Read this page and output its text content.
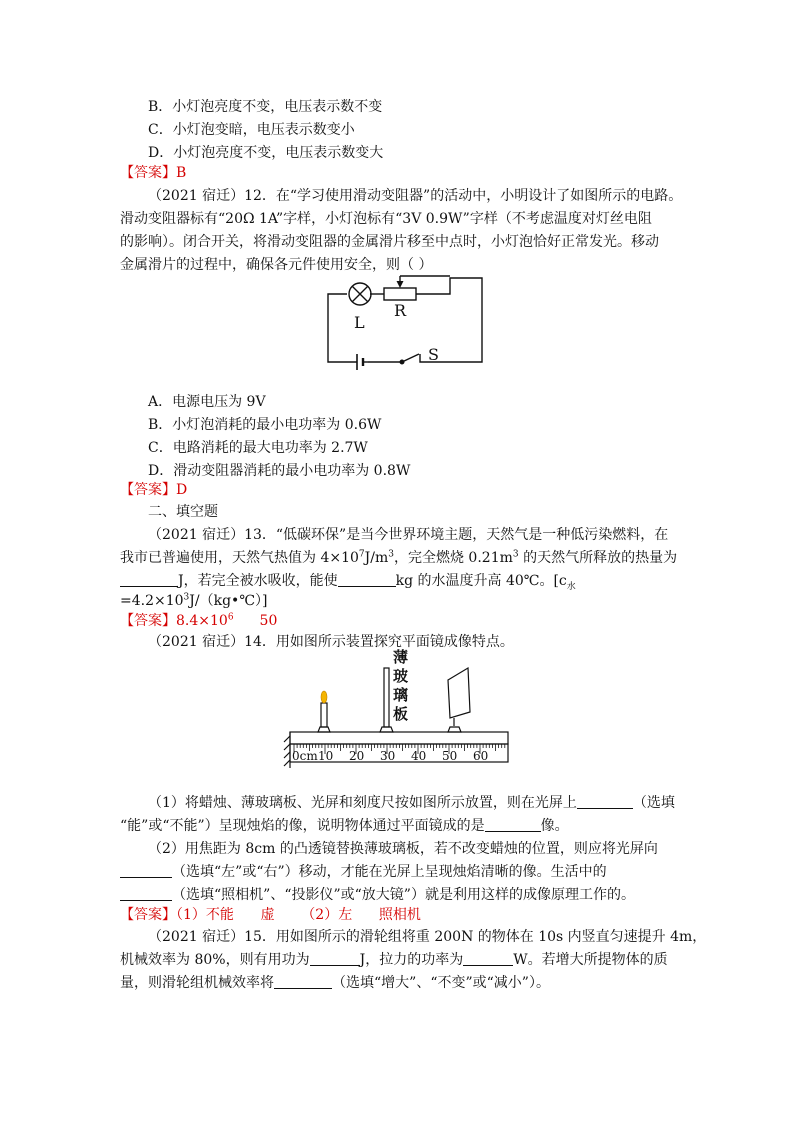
B．小灯泡亮度不变，电压表示数不变
C．小灯泡变暗，电压表示数变小
D．小灯泡亮度不变，电压表示数变大
【答案】B
（2021 宿迁）12．在“学习使用滑动变阻器”的活动中，小明设计了如图所示的电路。
滑动变阻器标有“20Ω 1A”字样，小灯泡标有“3V 0.9W”字样（不考虑温度对灯丝电阻
的影响）。闭合开关，将滑动变阻器的金属滑片移至中点时，小灯泡恰好正常发光。移动
金属滑片的过程中，确保各元件使用安全，则（ ）
L
R
S
A．电源电压为 9V
B．小灯泡消耗的最小电功率为 0.6W
C．电路消耗的最大电功率为 2.7W
D．滑动变阻器消耗的最小电功率为 0.8W
【答案】D
二、填空题
（2021 宿迁）13．“低碳环保”是当今世界环境主题，天然气是一种低污染燃料，在
我市已普遍使用，天然气热值为 $4\times 10^7J/m^3$，完全燃烧 $0.21m^3$ 的天然气所释放的热量为
J，若完全被水吸收，能使	kg 的水温度升高 40℃。[$c_水$
$=4.2\times 10^3J/(kg•℃)$]
【答案】$8.4\times 10^6$ 50
（2021 宿迁）14．用如图所示装置探究平面镜成像特点。
0cm 10 20 30 40 50 60
薄
玻
璃
板
（1）将蜡烛、薄玻璃板、光屏和刻度尺按如图所示放置，则在光屏上	（选填
“能”或“不能”）呈现烛焰的像，说明物体通过平面镜成的是	像。
（2）用焦距为 8cm 的凸透镜替换薄玻璃板，若不改变蜡烛的位置，则应将光屏向
（选填“左”或“右”）移动，才能在光屏上呈现烛焰清晰的像。生活中的
（选填“照相机”、“投影仪”或“放大镜”）就是利用这样的成像原理工作的。
【答案】（1）不能      虚      （2）左      照相机
（2021 宿迁）15．用如图所示的滑轮组将重 200N 的物体在 10s 内竖直匀速提升 4m，
机械效率为 80%，则有用功为	J，拉力的功率为	W。若增大所提物体的质
量，则滑轮组机械效率将	（选填“增大”、“不变”或“减小”）。
